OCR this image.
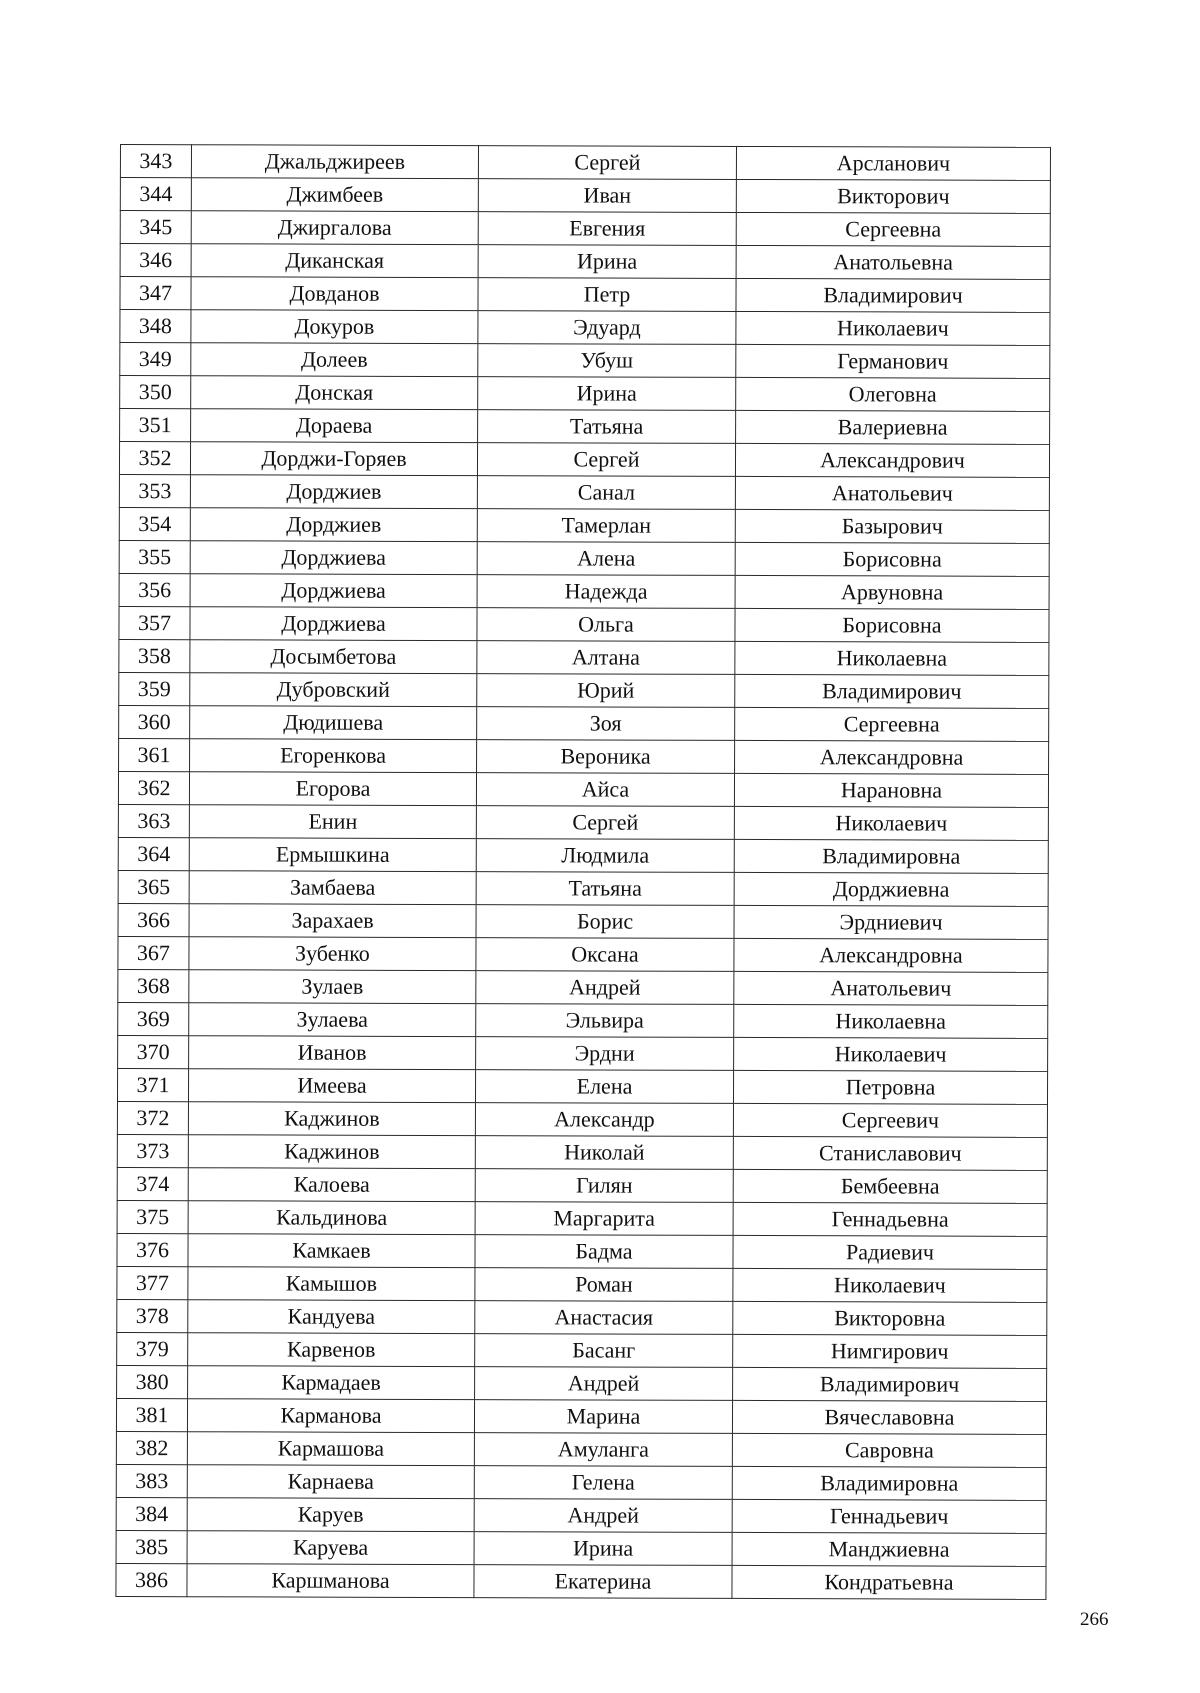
343	Джальджиреев	Сергей	Арсланович
344	Джимбеев	Иван	Викторович
345	Джиргалова	Евгения	Сергеевна
346	Диканская	Ирина	Анатольевна
347	Довданов	Петр	Владимирович
348	Докуров	Эдуард	Николаевич
349	Долеев	Убуш	Германович
350	Донская	Ирина	Олеговна
351	Дораева	Татьяна	Валериевна
352	Дорджи-Горяев	Сергей	Александрович
353	Дорджиев	Санал	Анатольевич
354	Дорджиев	Тамерлан	Базырович
355	Дорджиева	Алена	Борисовна
356	Дорджиева	Надежда	Арвуновна
357	Дорджиева	Ольга	Борисовна
358	Досымбетова	Алтана	Николаевна
359	Дубровский	Юрий	Владимирович
360	Дюдишева	Зоя	Сергеевна
361	Егоренкова	Вероника	Александровна
362	Егорова	Айса	Нарановна
363	Енин	Сергей	Николаевич
364	Ермышкина	Людмила	Владимировна
365	Замбаева	Татьяна	Дорджиевна
366	Зарахаев	Борис	Эрдниевич
367	Зубенко	Оксана	Александровна
368	Зулаев	Андрей	Анатольевич
369	Зулаева	Эльвира	Николаевна
370	Иванов	Эрдни	Николаевич
371	Имеева	Елена	Петровна
372	Каджинов	Александр	Сергеевич
373	Каджинов	Николай	Станиславович
374	Калоева	Гилян	Бембеевна
375	Кальдинова	Маргарита	Геннадьевна
376	Камкаев	Бадма	Радиевич
377	Камышов	Роман	Николаевич
378	Кандуева	Анастасия	Викторовна
379	Карвенов	Басанг	Нимгирович
380	Кармадаев	Андрей	Владимирович
381	Карманова	Марина	Вячеславовна
382	Кармашова	Амуланга	Савровна
383	Карнаева	Гелена	Владимировна
384	Каруев	Андрей	Геннадьевич
385	Каруева	Ирина	Манджиевна
386	Каршманова	Екатерина	Кондратьевна
266
